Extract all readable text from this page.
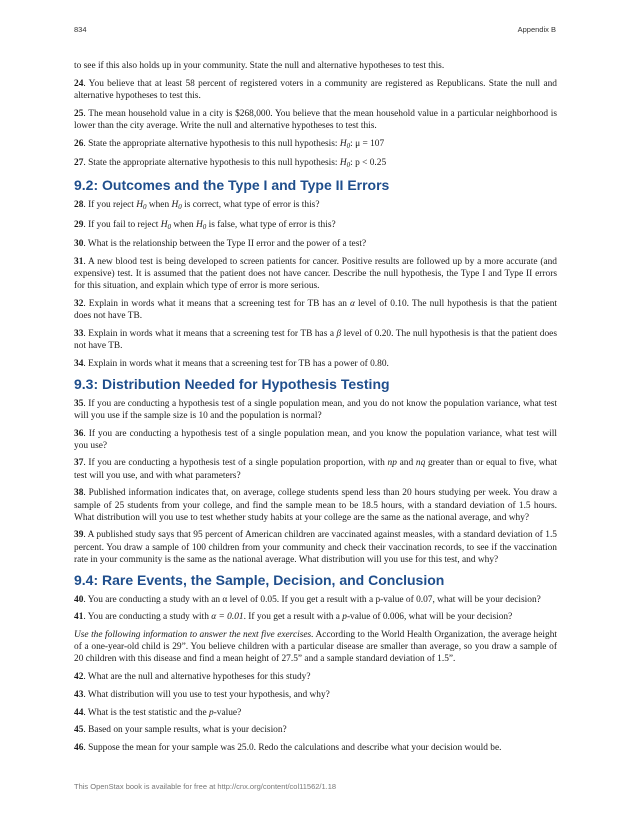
834	Appendix B

to see if this also holds up in your community. State the null and alternative hypotheses to test this.

24. You believe that at least 58 percent of registered voters in a community are registered as Republicans. State the null and alternative hypotheses to test this.

25. The mean household value in a city is $268,000. You believe that the mean household value in a particular neighborhood is lower than the city average. Write the null and alternative hypotheses to test this.

26. State the appropriate alternative hypothesis to this null hypothesis: $H_0$: μ = 107

27. State the appropriate alternative hypothesis to this null hypothesis: $H_0$: p < 0.25

9.2: Outcomes and the Type I and Type II Errors

28. If you reject $H_0$ when $H_0$ is correct, what type of error is this?

29. If you fail to reject $H_0$ when $H_0$ is false, what type of error is this?

30. What is the relationship between the Type II error and the power of a test?

31. A new blood test is being developed to screen patients for cancer. Positive results are followed up by a more accurate (and expensive) test. It is assumed that the patient does not have cancer. Describe the null hypothesis, the Type I and Type II errors for this situation, and explain which type of error is more serious.

32. Explain in words what it means that a screening test for TB has an α level of 0.10. The null hypothesis is that the patient does not have TB.

33. Explain in words what it means that a screening test for TB has a β level of 0.20. The null hypothesis is that the patient does not have TB.

34. Explain in words what it means that a screening test for TB has a power of 0.80.

9.3: Distribution Needed for Hypothesis Testing

35. If you are conducting a hypothesis test of a single population mean, and you do not know the population variance, what test will you use if the sample size is 10 and the population is normal?

36. If you are conducting a hypothesis test of a single population mean, and you know the population variance, what test will you use?

37. If you are conducting a hypothesis test of a single population proportion, with np and nq greater than or equal to five, what test will you use, and with what parameters?

38. Published information indicates that, on average, college students spend less than 20 hours studying per week. You draw a sample of 25 students from your college, and find the sample mean to be 18.5 hours, with a standard deviation of 1.5 hours. What distribution will you use to test whether study habits at your college are the same as the national average, and why?

39. A published study says that 95 percent of American children are vaccinated against measles, with a standard deviation of 1.5 percent. You draw a sample of 100 children from your community and check their vaccination records, to see if the vaccination rate in your community is the same as the national average. What distribution will you use for this test, and why?

9.4: Rare Events, the Sample, Decision, and Conclusion

40. You are conducting a study with an α level of 0.05. If you get a result with a p-value of 0.07, what will be your decision?

41. You are conducting a study with α = 0.01. If you get a result with a p-value of 0.006, what will be your decision?

Use the following information to answer the next five exercises. According to the World Health Organization, the average height of a one-year-old child is 29”. You believe children with a particular disease are smaller than average, so you draw a sample of 20 children with this disease and find a mean height of 27.5” and a sample standard deviation of 1.5”.

42. What are the null and alternative hypotheses for this study?

43. What distribution will you use to test your hypothesis, and why?

44. What is the test statistic and the p-value?

45. Based on your sample results, what is your decision?

46. Suppose the mean for your sample was 25.0. Redo the calculations and describe what your decision would be.

This OpenStax book is available for free at http://cnx.org/content/col11562/1.18
